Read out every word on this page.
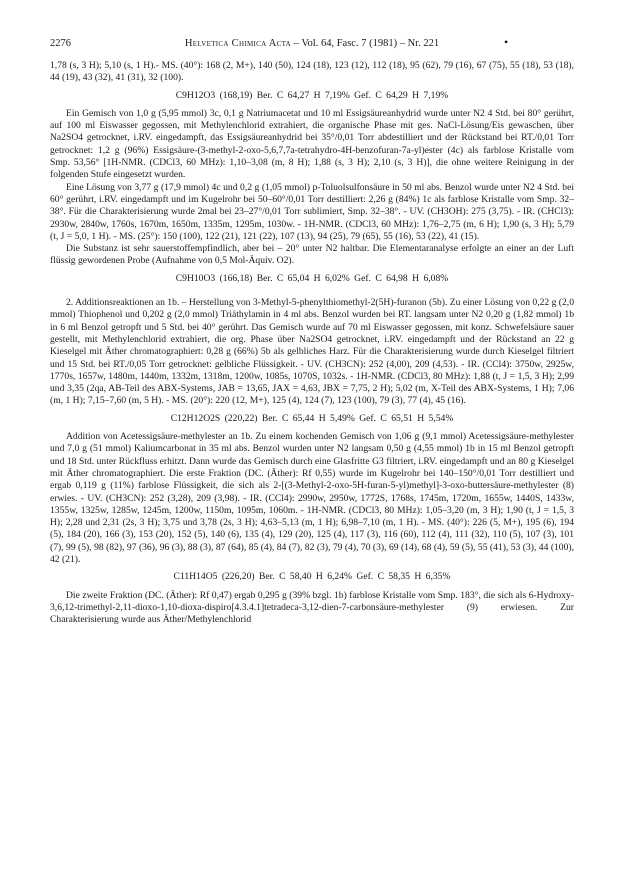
2276	Helvetica Chimica Acta – Vol. 64, Fasc. 7 (1981) – Nr. 221	•

1,78 (s, 3 H); 5,10 (s, 1 H).- MS. (40°): 168 (2, M+), 140 (50), 124 (18), 123 (12), 112 (18), 95 (62), 79 (16), 67 (75), 55 (18), 53 (18), 44 (19), 43 (32), 41 (31), 32 (100).

C9H12O3 (168,19) Ber. C 64,27 H 7,19% Gef. C 64,29 H 7,19%

Ein Gemisch von 1,0 g (5,95 mmol) 3c, 0,1 g Natriumacetat und 10 ml Essigsäureanhydrid wurde unter N2 4 Std. bei 80° gerührt, auf 100 ml Eiswasser gegossen, mit Methylenchlorid extrahiert, die organische Phase mit ges. NaCl-Lösung/Eis gewaschen, über Na2SO4 getrocknet, i.RV. eingedampft, das Essigsäureanhydrid bei 35°/0,01 Torr abdestilliert und der Rückstand bei RT./0,01 Torr getrocknet: 1,2 g (96%) Essigsäure-(3-methyl-2-oxo-5,6,7,7a-tetrahydro-4H-benzofuran-7a-yl)ester (4c) als farblose Kristalle vom Smp. 53,56° [1H-NMR. (CDCl3, 60 MHz): 1,10–3,08 (m, 8 H); 1,88 (s, 3 H); 2,10 (s, 3 H)], die ohne weitere Reinigung in der folgenden Stufe eingesetzt wurden.

Eine Lösung von 3,77 g (17,9 mmol) 4c und 0,2 g (1,05 mmol) p-Toluolsulfonsäure in 50 ml abs. Benzol wurde unter N2 4 Std. bei 60° gerührt, i.RV. eingedampft und im Kugelrohr bei 50–60°/0,01 Torr destilliert: 2,26 g (84%) 1c als farblose Kristalle vom Smp. 32–38°. Für die Charakterisierung wurde 2mal bei 23–27°/0,01 Torr sublimiert, Smp. 32–38°. - UV. (CH3OH): 275 (3,75). - IR. (CHCl3): 2930w, 2840w, 1760s, 1670m, 1650m, 1335m, 1295m, 1030w. - 1H-NMR. (CDCl3, 60 MHz): 1,76–2,75 (m, 6 H); 1,90 (s, 3 H); 5,79 (t, J = 5,0, 1 H). - MS. (25°): 150 (100), 122 (21), 121 (22), 107 (13), 94 (25), 79 (65), 55 (16), 53 (22), 41 (15).

Die Substanz ist sehr sauerstoffempfindlich, aber bei – 20° unter N2 haltbar. Die Elementaranalyse erfolgte an einer an der Luft flüssig gewordenen Probe (Aufnahme von 0,5 Mol-Äquiv. O2).

C9H10O3 (166,18) Ber. C 65,04 H 6,02% Gef. C 64,98 H 6,08%

2. Additionsreaktionen an 1b. – Herstellung von 3-Methyl-5-phenylthiomethyl-2(5H)-furanon (5b). Zu einer Lösung von 0,22 g (2,0 mmol) Thiophenol und 0,202 g (2,0 mmol) Triäthylamin in 4 ml abs. Benzol wurden bei RT. langsam unter N2 0,20 g (1,82 mmol) 1b in 6 ml Benzol getropft und 5 Std. bei 40° gerührt. Das Gemisch wurde auf 70 ml Eiswasser gegossen, mit konz. Schwefelsäure sauer gestellt, mit Methylenchlorid extrahiert, die org. Phase über Na2SO4 getrocknet, i.RV. eingedampft und der Rückstand an 22 g Kieselgel mit Äther chromatographiert: 0,28 g (66%) 5b als gelbliches Harz. Für die Charakterisierung wurde durch Kieselgel filtriert und 15 Std. bei RT./0,05 Torr getrocknet: gelbliche Flüssigkeit. - UV. (CH3CN): 252 (4,00), 209 (4,53). - IR. (CCl4): 3750w, 2925w, 1770s, 1657w, 1480m, 1440m, 1332m, 1318m, 1200w, 1085s, 1070S, 1032s. - 1H-NMR. (CDCl3, 80 MHz): 1,88 (t, J = 1,5, 3 H); 2,99 und 3,35 (2qa, AB-Teil des ABX-Systems, JAB = 13,65, JAX = 4,63, JBX = 7,75, 2 H); 5,02 (m, X-Teil des ABX-Systems, 1 H); 7,06 (m, 1 H); 7,15–7,60 (m, 5 H). - MS. (20°): 220 (12, M+), 125 (4), 124 (7), 123 (100), 79 (3), 77 (4), 45 (16).

C12H12O2S (220,22) Ber. C 65,44 H 5,49% Gef. C 65,51 H 5,54%

Addition von Acetessigsäure-methylester an 1b. Zu einem kochenden Gemisch von 1,06 g (9,1 mmol) Acetessigsäure-methylester und 7,0 g (51 mmol) Kaliumcarbonat in 35 ml abs. Benzol wurden unter N2 langsam 0,50 g (4,55 mmol) 1b in 15 ml Benzol getropft und 18 Std. unter Rückfluss erhitzt. Dann wurde das Gemisch durch eine Glasfritte G3 filtriert, i.RV. eingedampft und an 80 g Kieselgel mit Äther chromatographiert. Die erste Fraktion (DC. (Äther): Rf 0,55) wurde im Kugelrohr bei 140–150°/0,01 Torr destilliert und ergab 0,119 g (11%) farblose Flüssigkeit, die sich als 2-[(3-Methyl-2-oxo-5H-furan-5-yl)methyl]-3-oxo-buttersäure-methylester (8) erwies. - UV. (CH3CN): 252 (3,28), 209 (3,98). - IR. (CCl4): 2990w, 2950w, 1772S, 1768s, 1745m, 1720m, 1655w, 1440S, 1433w, 1355w, 1325w, 1285w, 1245m, 1200w, 1150m, 1095m, 1060m. - 1H-NMR. (CDCl3, 80 MHz): 1,05–3,20 (m, 3 H); 1,90 (t, J = 1,5, 3 H); 2,28 und 2,31 (2s, 3 H); 3,75 und 3,78 (2s, 3 H); 4,63–5,13 (m, 1 H); 6,98–7,10 (m, 1 H). - MS. (40°): 226 (5, M+), 195 (6), 194 (5), 184 (20), 166 (3), 153 (20), 152 (5), 140 (6), 135 (4), 129 (20), 125 (4), 117 (3), 116 (60), 112 (4), 111 (32), 110 (5), 107 (3), 101 (7), 99 (5), 98 (82), 97 (36), 96 (3), 88 (3), 87 (64), 85 (4), 84 (7), 82 (3), 79 (4), 70 (3), 69 (14), 68 (4), 59 (5), 55 (41), 53 (3), 44 (100), 42 (21).

C11H14O5 (226,20) Ber. C 58,40 H 6,24% Gef. C 58,35 H 6,35%

Die zweite Fraktion (DC. (Äther): Rf 0,47) ergab 0,295 g (39% bzgl. 1b) farblose Kristalle vom Smp. 183°, die sich als 6-Hydroxy-3,6,12-trimethyl-2,11-dioxo-1,10-dioxa-dispiro[4.3.4.1]tetradeca-3,12-dien-7-carbonsäure-methylester (9) erwiesen. Zur Charakterisierung wurde aus Äther/Methylenchlorid
